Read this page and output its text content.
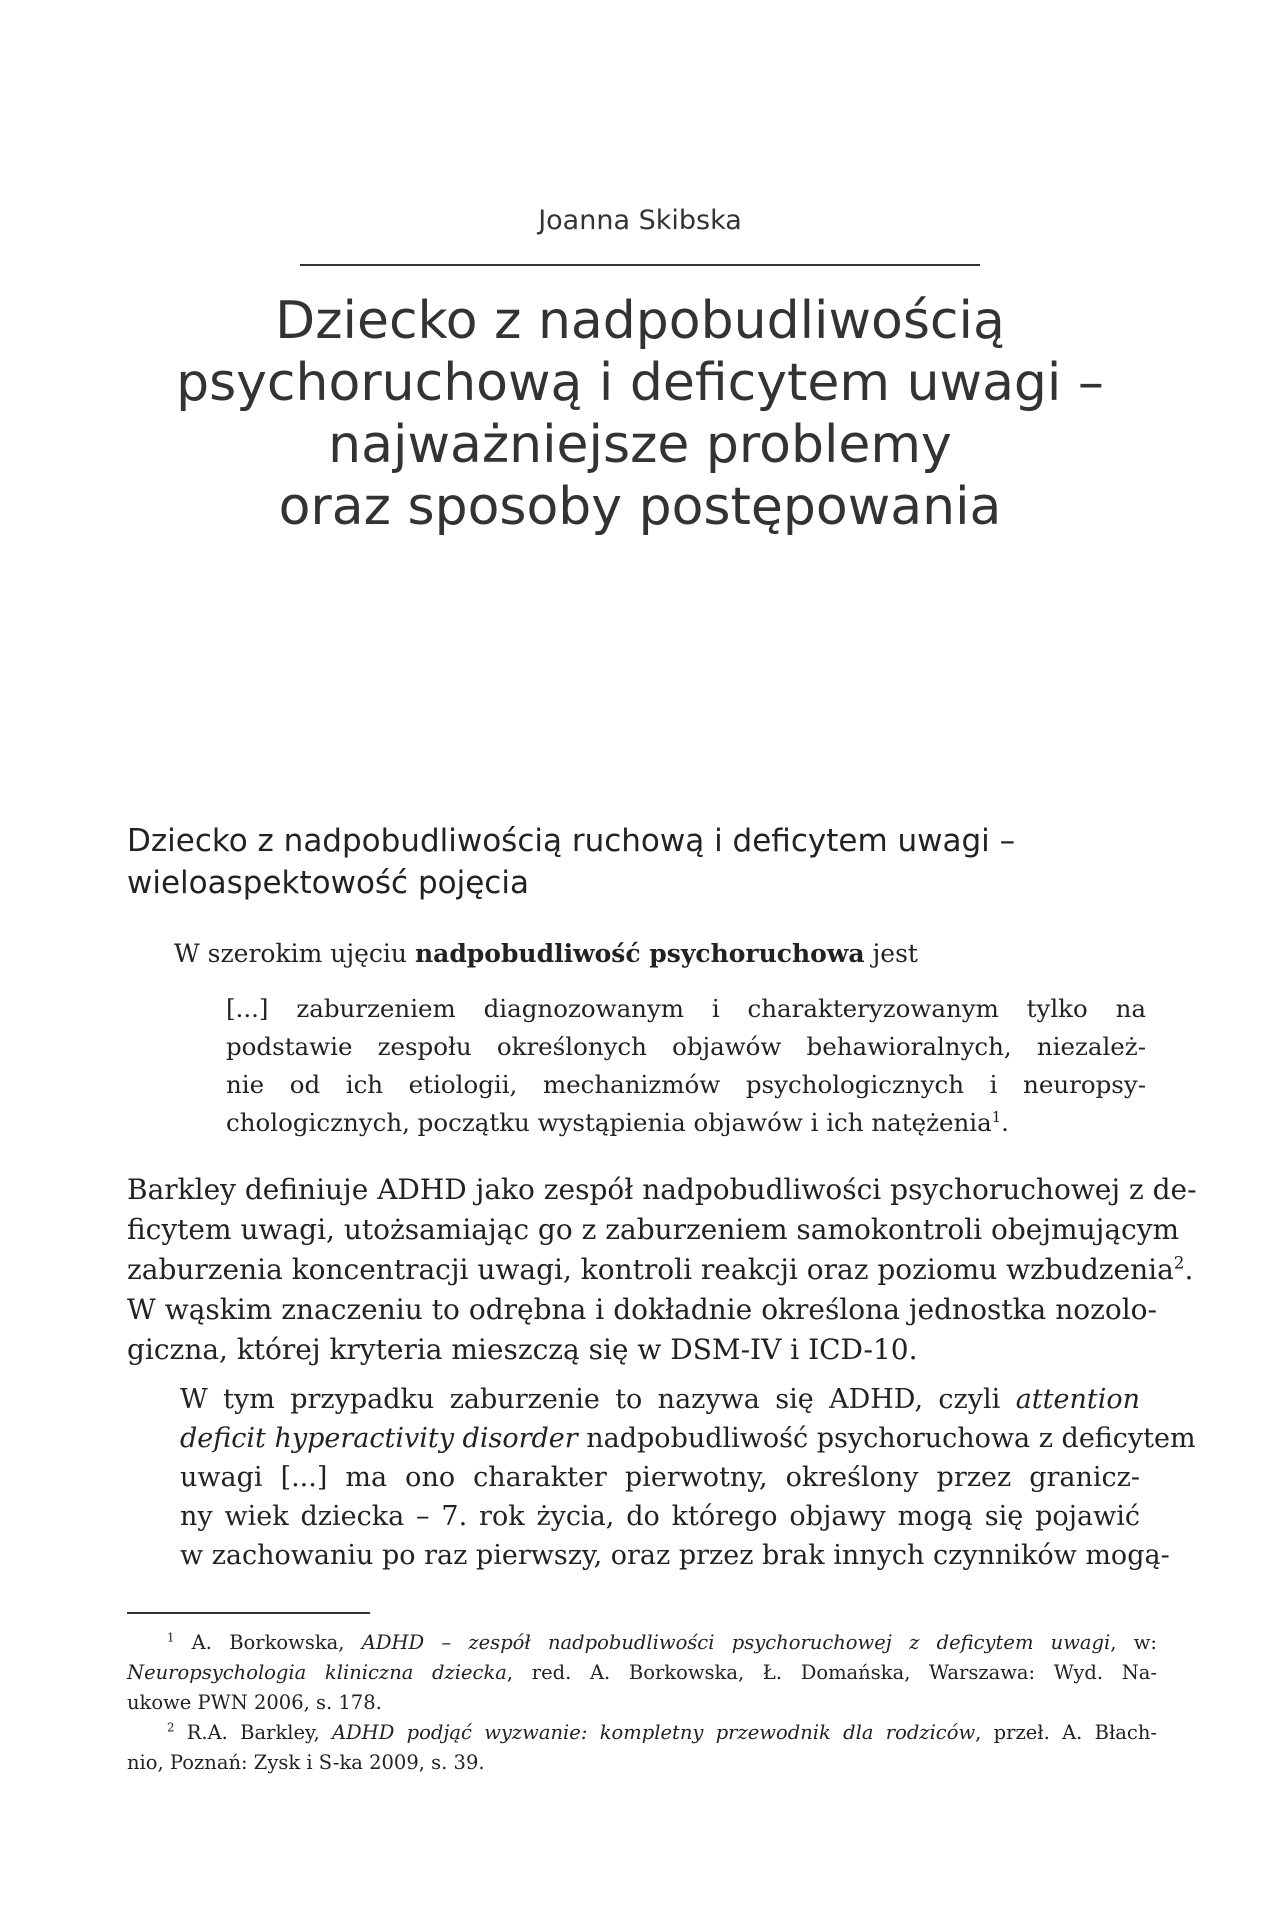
Joanna Skibska
Dziecko z nadpobudliwością
psychoruchową i deficytem uwagi –
najważniejsze problemy
oraz sposoby postępowania
Dziecko z nadpobudliwością ruchową i deficytem uwagi –
wieloaspektowość pojęcia

W szerokim ujęciu nadpobudliwość psychoruchowa jest

[...] zaburzeniem diagnozowanym i charakteryzowanym tylko na
podstawie zespołu określonych objawów behawioralnych, niezależ-
nie od ich etiologii, mechanizmów psychologicznych i neuropsy-
chologicznych, początku wystąpienia objawów i ich natężenia$^1$.
Barkley definiuje ADHD jako zespół nadpobudliwości psychoruchowej z de-
ficytem uwagi, utożsamiając go z zaburzeniem samokontroli obejmującym
zaburzenia koncentracji uwagi, kontroli reakcji oraz poziomu wzbudzenia$^2$.
W wąskim znaczeniu to odrębna i dokładnie określona jednostka nozolo-
giczna, której kryteria mieszczą się w DSM-IV i ICD-10.
W tym przypadku zaburzenie to nazywa się ADHD, czyli attention
deficit hyperactivity disorder nadpobudliwość psychoruchowa z deficytem
uwagi [...] ma ono charakter pierwotny, określony przez granicz-
ny wiek dziecka – 7. rok życia, do którego objawy mogą się pojawić
w zachowaniu po raz pierwszy, oraz przez brak innych czynników mogą-
$^1$ A. Borkowska, ADHD – zespół nadpobudliwości psychoruchowej z deficytem uwagi, w:
Neuropsychologia kliniczna dziecka, red. A. Borkowska, Ł. Domańska, Warszawa: Wyd. Na-
ukowe PWN 2006, s. 178.
$^2$ R.A. Barkley, ADHD podjąć wyzwanie: kompletny przewodnik dla rodziców, przeł. A. Błach-
nio, Poznań: Zysk i S-ka 2009, s. 39.
